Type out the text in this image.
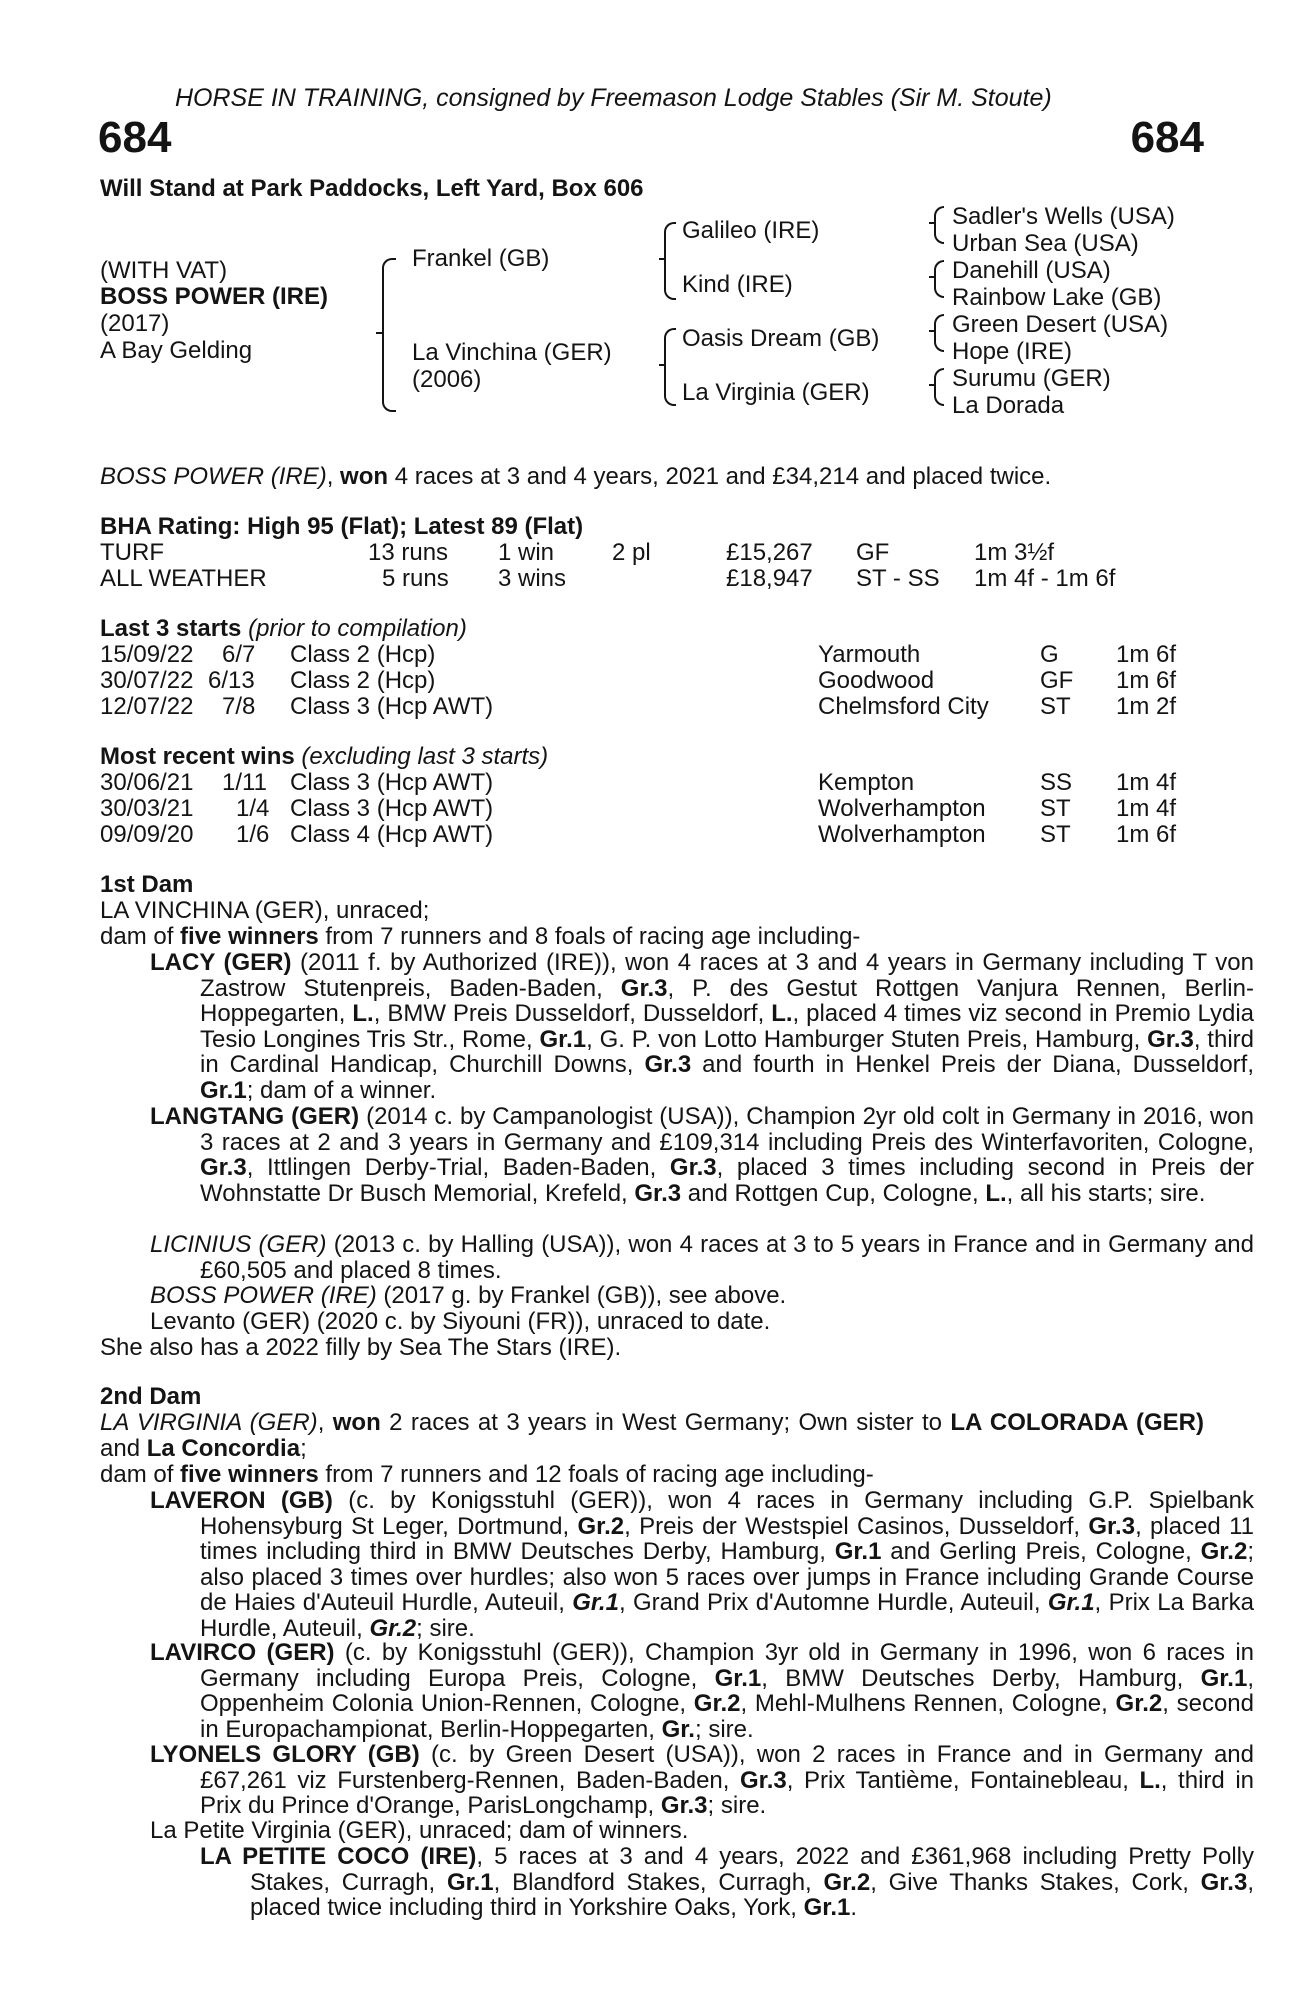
HORSE IN TRAINING, consigned by Freemason Lodge Stables (Sir M. Stoute)
684	684
Will Stand at Park Paddocks, Left Yard, Box 606
(WITH VAT)
BOSS POWER (IRE)
(2017)
A Bay Gelding
Frankel (GB)
La Vinchina (GER)
(2006)
Galileo (IRE)
Kind (IRE)
Oasis Dream (GB)
La Virginia (GER)
Sadler's Wells (USA)
Urban Sea (USA)
Danehill (USA)
Rainbow Lake (GB)
Green Desert (USA)
Hope (IRE)
Surumu (GER)
La Dorada
BOSS POWER (IRE), won 4 races at 3 and 4 years, 2021 and £34,214 and placed twice.
BHA Rating: High 95 (Flat); Latest 89 (Flat)
TURF	13 runs 1 win 2 pl	£15,267 GF	1m 3½f
ALL WEATHER	5 runs 3 wins	£18,947 ST - SS 1m 4f - 1m 6f
Last 3 starts (prior to compilation)
15/09/22 6/7 Class 2 (Hcp)	Yarmouth	G 1m 6f
30/07/22 6/13 Class 2 (Hcp)	Goodwood	GF 1m 6f
12/07/22 7/8 Class 3 (Hcp AWT)	Chelmsford City ST 1m 2f
Most recent wins (excluding last 3 starts)
30/06/21 1/11 Class 3 (Hcp AWT)	Kempton	SS 1m 4f
30/03/21 1/4 Class 3 (Hcp AWT)	Wolverhampton ST 1m 4f
09/09/20 1/6 Class 4 (Hcp AWT)	Wolverhampton ST 1m 6f
1st Dam
LA VINCHINA (GER), unraced;
dam of five winners from 7 runners and 8 foals of racing age including-
LACY (GER) (2011 f. by Authorized (IRE)), won 4 races at 3 and 4 years in Germany including T von Zastrow Stutenpreis, Baden-Baden, Gr.3, P. des Gestut Rottgen Vanjura Rennen, Berlin-Hoppegarten, L., BMW Preis Dusseldorf, Dusseldorf, L., placed 4 times viz second in Premio Lydia Tesio Longines Tris Str., Rome, Gr.1, G. P. von Lotto Hamburger Stuten Preis, Hamburg, Gr.3, third in Cardinal Handicap, Churchill Downs, Gr.3 and fourth in Henkel Preis der Diana, Dusseldorf, Gr.1; dam of a winner.
LANGTANG (GER) (2014 c. by Campanologist (USA)), Champion 2yr old colt in Germany in 2016, won 3 races at 2 and 3 years in Germany and £109,314 including Preis des Winterfavoriten, Cologne, Gr.3, Ittlingen Derby-Trial, Baden-Baden, Gr.3, placed 3 times including second in Preis der Wohnstatte Dr Busch Memorial, Krefeld, Gr.3 and Rottgen Cup, Cologne, L., all his starts; sire.
LICINIUS (GER) (2013 c. by Halling (USA)), won 4 races at 3 to 5 years in France and in Germany and £60,505 and placed 8 times.
BOSS POWER (IRE) (2017 g. by Frankel (GB)), see above.
Levanto (GER) (2020 c. by Siyouni (FR)), unraced to date.
She also has a 2022 filly by Sea The Stars (IRE).
2nd Dam
LA VIRGINIA (GER), won 2 races at 3 years in West Germany; Own sister to LA COLORADA (GER) and La Concordia;
dam of five winners from 7 runners and 12 foals of racing age including-
LAVERON (GB) (c. by Konigsstuhl (GER)), won 4 races in Germany including G.P. Spielbank Hohensyburg St Leger, Dortmund, Gr.2, Preis der Westspiel Casinos, Dusseldorf, Gr.3, placed 11 times including third in BMW Deutsches Derby, Hamburg, Gr.1 and Gerling Preis, Cologne, Gr.2; also placed 3 times over hurdles; also won 5 races over jumps in France including Grande Course de Haies d'Auteuil Hurdle, Auteuil, Gr.1, Grand Prix d'Automne Hurdle, Auteuil, Gr.1, Prix La Barka Hurdle, Auteuil, Gr.2; sire.
LAVIRCO (GER) (c. by Konigsstuhl (GER)), Champion 3yr old in Germany in 1996, won 6 races in Germany including Europa Preis, Cologne, Gr.1, BMW Deutsches Derby, Hamburg, Gr.1, Oppenheim Colonia Union-Rennen, Cologne, Gr.2, Mehl-Mulhens Rennen, Cologne, Gr.2, second in Europachampionat, Berlin-Hoppegarten, Gr.; sire.
LYONELS GLORY (GB) (c. by Green Desert (USA)), won 2 races in France and in Germany and £67,261 viz Furstenberg-Rennen, Baden-Baden, Gr.3, Prix Tantième, Fontainebleau, L., third in Prix du Prince d'Orange, ParisLongchamp, Gr.3; sire.
La Petite Virginia (GER), unraced; dam of winners.
LA PETITE COCO (IRE), 5 races at 3 and 4 years, 2022 and £361,968 including Pretty Polly Stakes, Curragh, Gr.1, Blandford Stakes, Curragh, Gr.2, Give Thanks Stakes, Cork, Gr.3, placed twice including third in Yorkshire Oaks, York, Gr.1.
